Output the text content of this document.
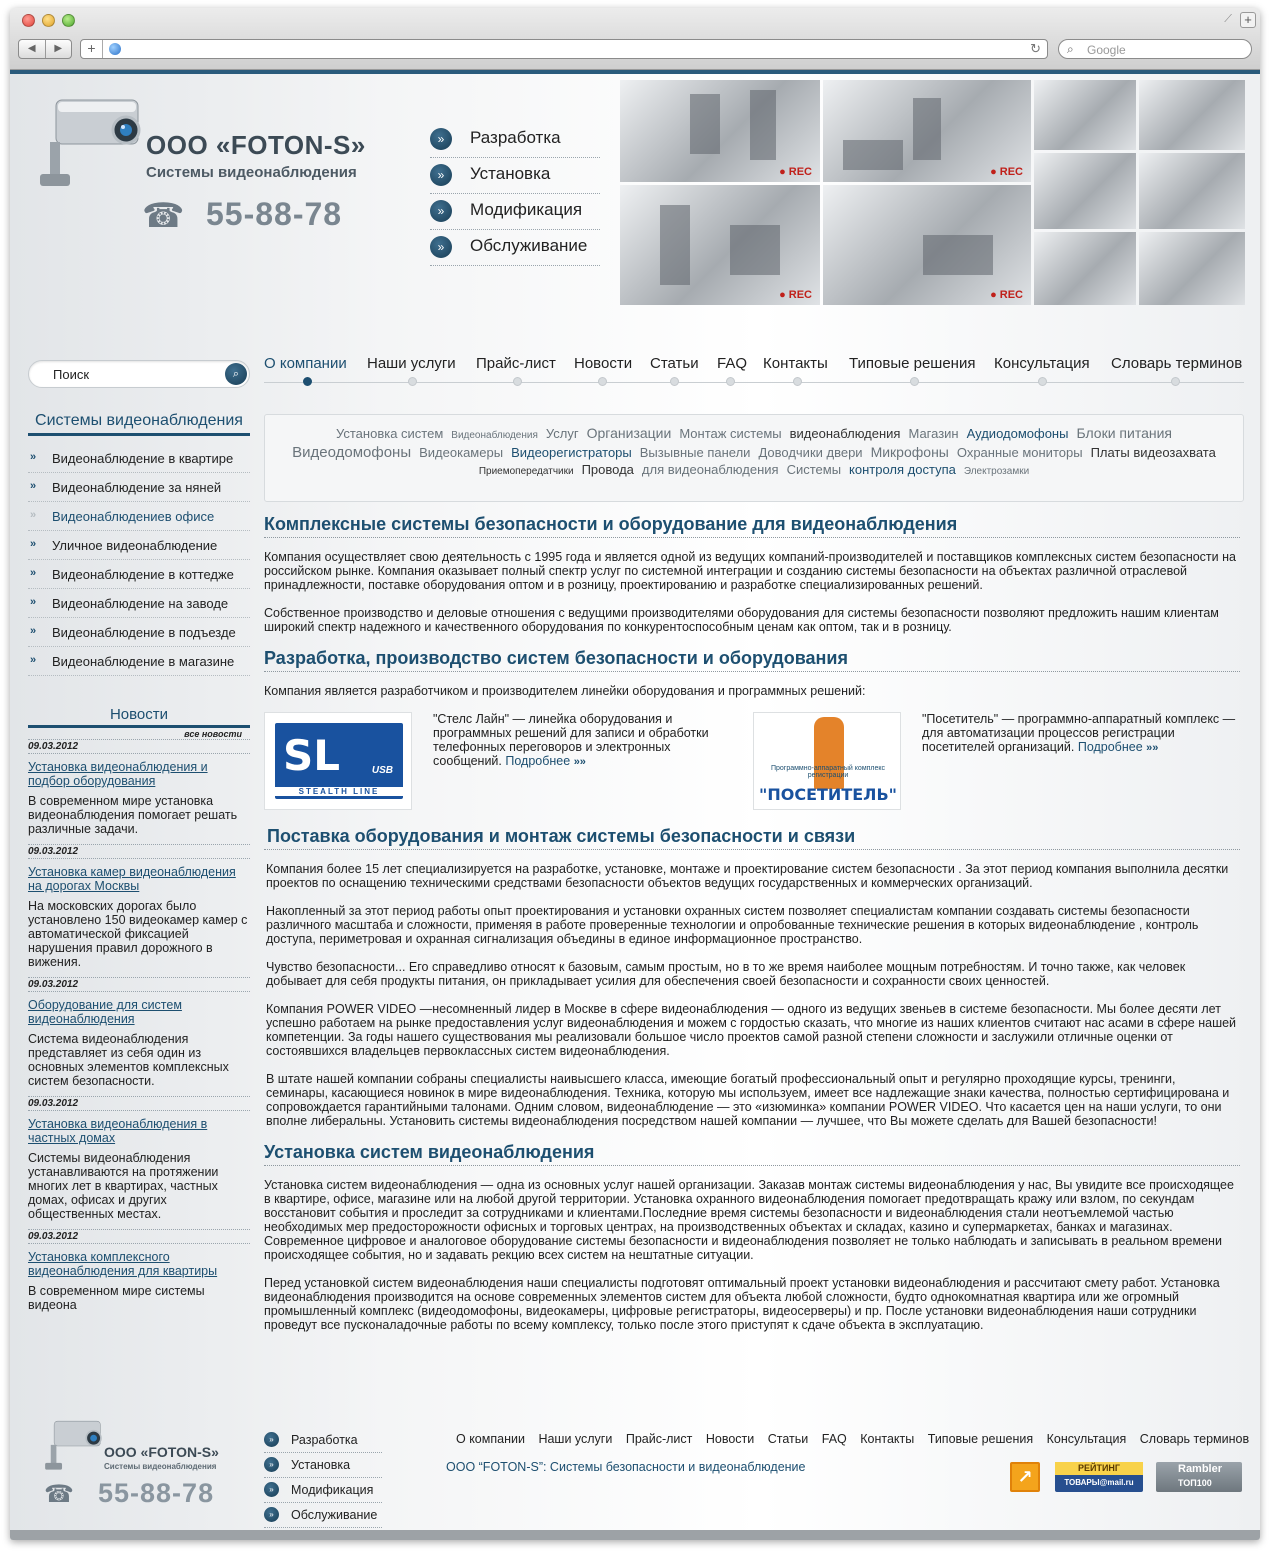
⟋ +
◀	▶	+	↻ ⌕ Google
ООО «FOTON-S»
Системы видеонаблюдения
☎ 55-88-78
»	Разработка
»	Установка
»	Модификация
»	Обслуживание
● REC	● REC
● REC	● REC
Поиск	⌕
О компании Наши услуги Прайс-лист Новости Статьи FAQ Контакты Типовые решения Консультация Словарь терминов
Системы видеонаблюдения
» Видеонаблюдение в квартире
» Видеонаблюдение за няней
» Видеонаблюдениев офисе
» Уличное видеонаблюдение
» Видеонаблюдение в коттедже
» Видеонаблюдение на заводе
» Видеонаблюдение в подъезде
» Видеонаблюдение в магазине
Новости
все новости
09.03.2012
Установка видеонаблюдения и подбор оборудования
В современном мире установка видеонаблюдения помогает решать различные задачи.
09.03.2012
Установка камер видеонаблюдения на дорогах Москвы
На московских дорогах было установлено 150 видеокамер камер с автоматической фиксацией нарушения правил дорожного в вижения.
09.03.2012
Оборудование для систем видеонаблюдения
Система видеонаблюдения представляет из себя один из основных элементов комплексных систем безопасности.
09.03.2012
Установка видеонаблюдения в частных домах
Системы видеонаблюдения устанавливаются на протяжении многих лет в квартирах, частных домах, офисах и других общественных местах.
09.03.2012
Установка комплексного видеонаблюдения для квартиры
В современном мире системы видеона
Установка систем Видеонаблюдения Услуг Организации Монтаж системы видеонаблюдения Магазин Аудиодомофоны Блоки питанияВидеодомофоны Видеокамеры Видеорегистраторы Вызывные панели Доводчики двери Микрофоны Охранные мониторы Платы видеозахватаПриемопередатчики Провода для видеонаблюдения Системы контроля доступа Электрозамки
Комплексные системы безопасности и оборудование для видеонаблюдения

Компания осуществляет свою деятельность с 1995 года и является одной из ведущих компаний-производителей и поставщиков комплексных систем безопасности на российском рынке. Компания оказывает полный спектр услуг по системной интеграции и созданию системы безопасности на объектах различной отраслевой принадлежности, поставке оборудования оптом и в розницу, проектированию и разработке специализированных решений.

Собственное производство и деловые отношения с ведущими производителями оборудования для системы безопасности позволяют предложить нашим клиентам широкий спектр надежного и качественного оборудования по конкурентоспособным ценам как оптом, так и в розницу.

Разработка, производство систем безопасности и оборудования

Компания является разработчиком и производителем линейки оборудования и программных решений:

SL	USB
STEALTH LINE
"Стелс Лайн" — линейка оборудования и программных решений для записи и обработки телефонных переговоров и электронных сообщений. Подробнее »»
Программно-аппаратный комплекс регистрации
"ПОСЕТИТЕЛЬ"
"Посетитель" — программно-аппаратный комплекс — для автоматизации процессов регистрации посетителей организаций. Подробнее »»
Поставка оборудования и монтаж системы безопасности и связи

Компания более 15 лет специализируется на разработке, установке, монтаже и проектирование систем безопасности . За этот период компания выполнила десятки проектов по оснащению техническими средствами безопасности объектов ведущих государственных и коммерческих организаций.

Накопленный за этот период работы опыт проектирования и установки охранных систем позволяет специалистам компании создавать системы безопасности различного масштаба и сложности, применяя в работе проверенные технологии и опробованные технические решения в которых видеонаблюдение , контроль доступа, периметровая и охранная сигнализация объедины в единое информационное пространство.

Чувство безопасности... Его справедливо относят к базовым, самым простым, но в то же время наиболее мощным потребностям. И точно также, как человек добывает для себя продукты питания, он прикладывает усилия для обеспечения своей безопасности и сохранности своих ценностей.

Компания POWER VIDEO —несомненный лидер в Москве в сфере видеонаблюдения — одного из ведущих звеньев в системе безопасности. Мы более десяти лет успешно работаем на рынке предоставления услуг видеонаблюдения и можем с гордостью сказать, что многие из наших клиентов считают нас асами в сфере нашей компетенции. За годы нашего существования мы реализовали большое число проектов самой разной степени сложности и заслужили отличные оценки от состоявшихся владельцев первоклассных систем видеонаблюдения.

В штате нашей компании собраны специалисты наивысшего класса, имеющие богатый профессиональный опыт и регулярно проходящие курсы, тренинги, семинары, касающиеся новинок в мире видеонаблюдения. Техника, которую мы используем, имеет все надлежащие знаки качества, полностью сертифицирована и сопровождается гарантийными талонами. Одним словом, видеонаблюдение — это «изюминка» компании POWER VIDEO. Что касается цен на наши услуги, то они вполне либеральны. Установить системы видеонаблюдения посредством нашей компании — лучшее, что Вы можете сделать для Вашей безопасности!

Установка систем видеонаблюдения

Установка систем видеонаблюдения — одна из основных услуг нашей организации. Заказав монтаж системы видеонаблюдения у нас, Вы увидите все происходящее в квартире, офисе, магазине или на любой другой территории. Установка охранного видеонаблюдения помогает предотвращать кражу или взлом, по секундам восстановит события и проследит за сотрудниками и клиентами.Последние время системы безопасности и видеонаблюдения стали неотъемлемой частью необходимых мер предосторожности офисных и торговых центрах, на производственных объектах и складах, казино и супермаркетах, банках и магазинах. Современное цифровое и аналоговое оборудование системы безопасности и видеонаблюдения позволяет не только наблюдать и записывать в реальном времени происходящее события, но и задавать рекцию всех систем на нештатные ситуации.

Перед установкой систем видеонаблюдения наши специалисты подготовят оптимальный проект установки видеонаблюдения и рассчитают смету работ. Установка видеонаблюдения производится на основе современных элементов систем для объекта любой сложности, будто однокомнатная квартира или же огромный промышленный комплекс (видеодомофоны, видеокамеры, цифровые регистраторы, видеосерверы) и пр. После установки видеонаблюдения наши сотрудники проведут все пусконаладочные работы по всему комплексу, только после этого приступят к сдаче объекта в эксплуатацию.

ООО «FOTON-S»
Системы видеонаблюдения
☎ 55-88-78
»	Разработка
»	Установка
»	Модификация
»	Обслуживание
О компании Наши услуги Прайс-лист Новости Статьи FAQ Контакты Типовые решения Консультация Словарь терминов
ООО “FOTON-S”: Системы безопасности и видеонаблюдение	↗	РЕЙТИНГ
ТОВАРЫ@mail.ru
Rambler
ТОП100
